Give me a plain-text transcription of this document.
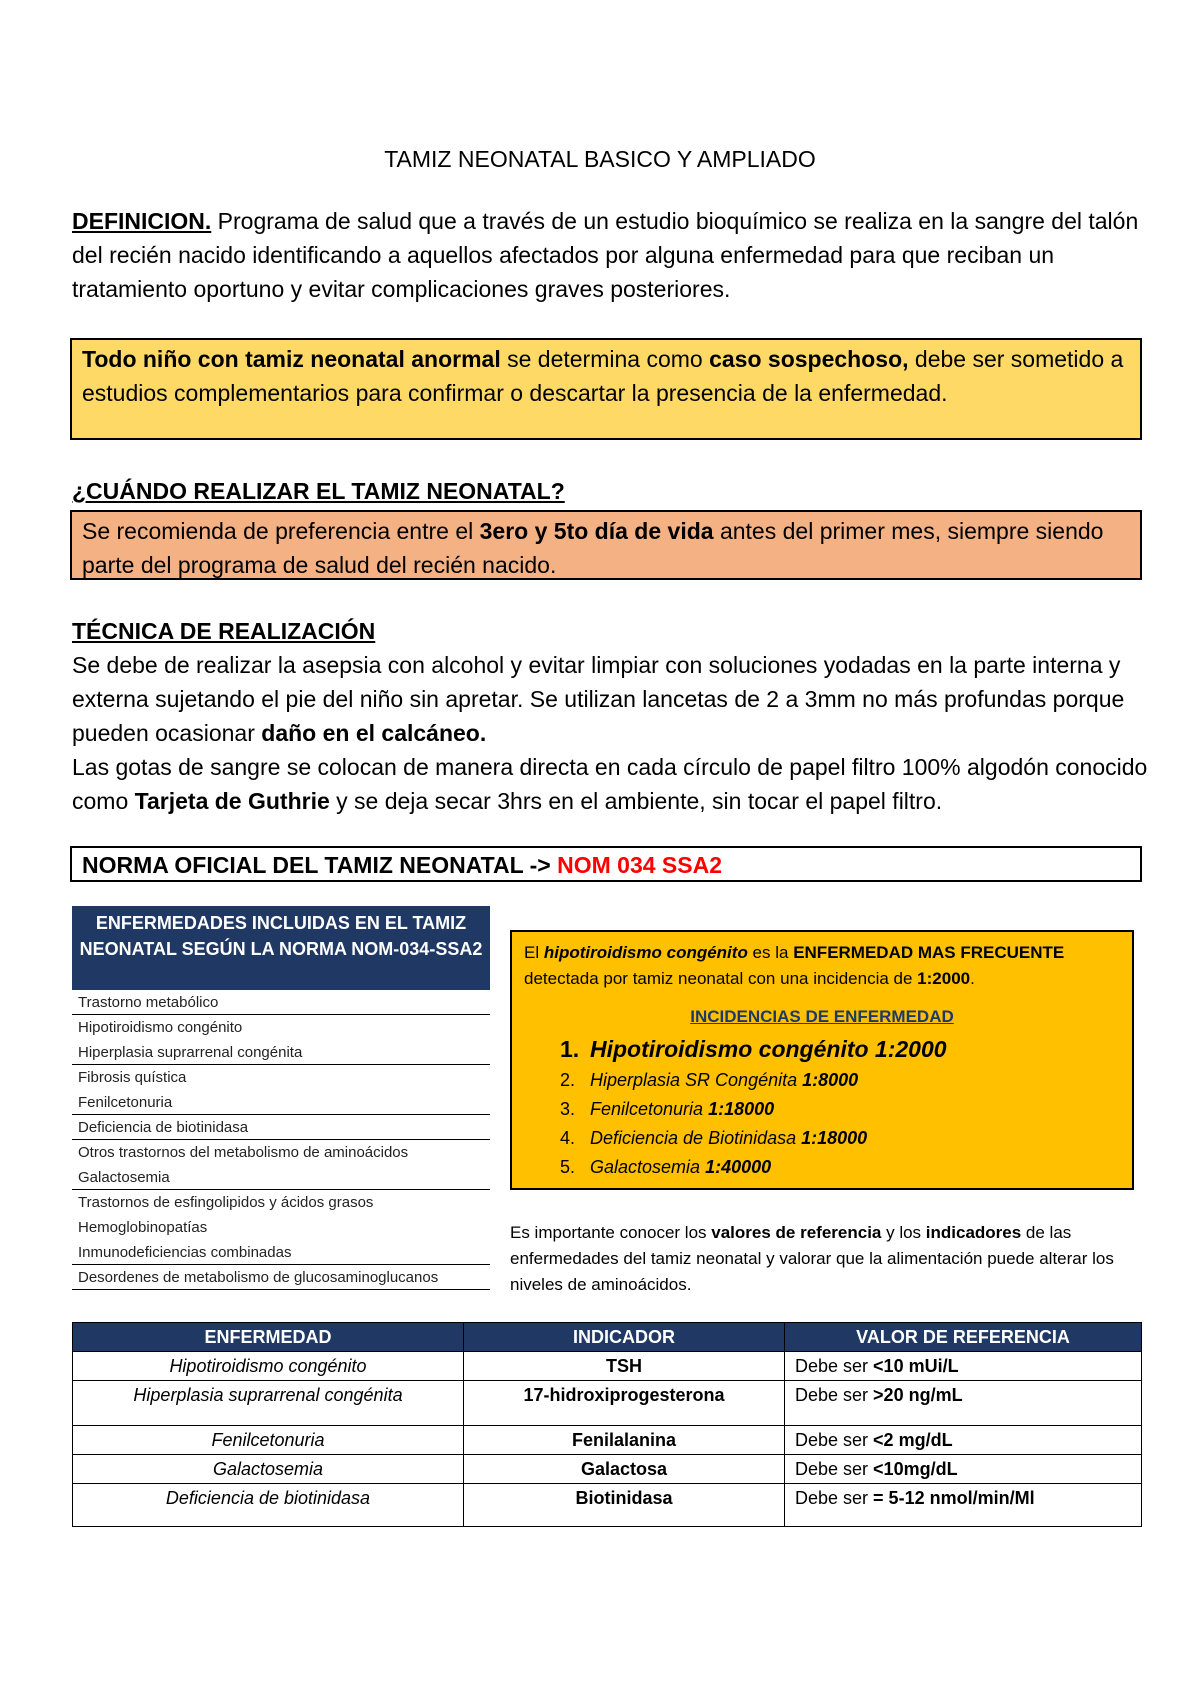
TAMIZ NEONATAL BASICO Y AMPLIADO
DEFINICION. Programa de salud que a través de un estudio bioquímico se realiza en la sangre del talón del recién nacido identificando a aquellos afectados por alguna enfermedad para que reciban un tratamiento oportuno y evitar complicaciones graves posteriores.
Todo niño con tamiz neonatal anormal se determina como caso sospechoso, debe ser sometido a estudios complementarios para confirmar o descartar la presencia de la enfermedad.
¿CUÁNDO REALIZAR EL TAMIZ NEONATAL?
Se recomienda de preferencia entre el 3ero y 5to día de vida antes del primer mes, siempre siendo parte del programa de salud del recién nacido.
TÉCNICA DE REALIZACIÓN
Se debe de realizar la asepsia con alcohol y evitar limpiar con soluciones yodadas en la parte interna y externa sujetando el pie del niño sin apretar. Se utilizan lancetas de 2 a 3mm no más profundas porque pueden ocasionar daño en el calcáneo.
Las gotas de sangre se colocan de manera directa en cada círculo de papel filtro 100% algodón conocido como Tarjeta de Guthrie y se deja secar 3hrs en el ambiente, sin tocar el papel filtro.
NORMA OFICIAL DEL TAMIZ NEONATAL -> NOM 034 SSA2
ENFERMEDADES INCLUIDAS EN EL TAMIZ NEONATAL SEGÚN LA NORMA NOM-034-SSA2
Trastorno metabólico
Hipotiroidismo congénito
Hiperplasia suprarrenal congénita
Fibrosis quística
Fenilcetonuria
Deficiencia de biotinidasa
Otros trastornos del metabolismo de aminoácidos
Galactosemia
Trastornos de esfingolipidos y ácidos grasos
Hemoglobinopatías
Inmunodeficiencias combinadas
Desordenes de metabolismo de glucosaminoglucanos
El hipotiroidismo congénito es la ENFERMEDAD MAS FRECUENTE detectada por tamiz neonatal con una incidencia de 1:2000.
INCIDENCIAS DE ENFERMEDAD
1. Hipotiroidismo congénito 1:2000
2. Hiperplasia SR Congénita 1:8000
3. Fenilcetonuria 1:18000
4. Deficiencia de Biotinidasa 1:18000
5. Galactosemia 1:40000
Es importante conocer los valores de referencia y los indicadores de las enfermedades del tamiz neonatal y valorar que la alimentación puede alterar los niveles de aminoácidos.
ENFERMEDAD	INDICADOR	VALOR DE REFERENCIA
Hipotiroidismo congénito	TSH	Debe ser <10 mUi/L
Hiperplasia suprarrenal congénita	17-hidroxiprogesterona	Debe ser >20 ng/mL
Fenilcetonuria	Fenilalanina	Debe ser <2 mg/dL
Galactosemia	Galactosa	Debe ser <10mg/dL
Deficiencia de biotinidasa	Biotinidasa	Debe ser = 5-12 nmol/min/Ml
